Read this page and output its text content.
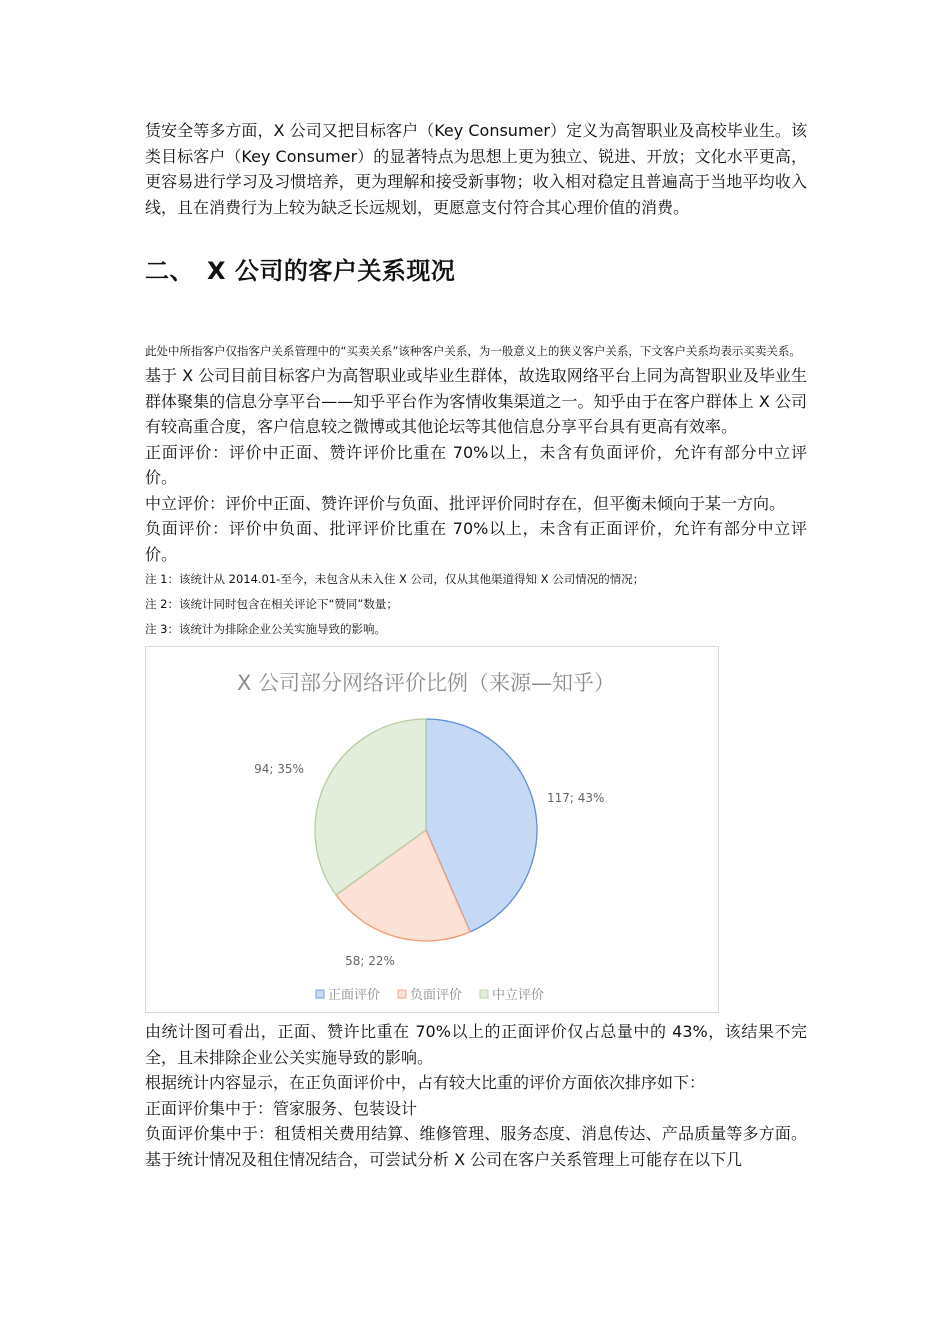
赁安全等多方面，X 公司又把目标客户（Key Consumer）定义为高智职业及高校毕业生。该类目标客户（Key Consumer）的显著特点为思想上更为独立、锐进、开放；文化水平更高，更容易进行学习及习惯培养，更为理解和接受新事物；收入相对稳定且普遍高于当地平均收入线，且在消费行为上较为缺乏长远规划，更愿意支付符合其心理价值的消费。

二、 X 公司的客户关系现况

此处中所指客户仅指客户关系管理中的“买卖关系”该种客户关系，为一般意义上的狭义客户关系，下文客户关系均表示买卖关系。

基于 X 公司目前目标客户为高智职业或毕业生群体，故选取网络平台上同为高智职业及毕业生群体聚集的信息分享平台——知乎平台作为客情收集渠道之一。知乎由于在客户群体上 X 公司有较高重合度，客户信息较之微博或其他论坛等其他信息分享平台具有更高有效率。

正面评价：评价中正面、赞许评价比重在 70%以上，未含有负面评价，允许有部分中立评价。

中立评价：评价中正面、赞许评价与负面、批评评价同时存在，但平衡未倾向于某一方向。

负面评价：评价中负面、批评评价比重在 70%以上，未含有正面评价，允许有部分中立评价。

注 1：该统计从 2014.01-至今，未包含从未入住 X 公司，仅从其他渠道得知 X 公司情况的情况；

注 2：该统计同时包含在相关评论下“赞同”数量；

注 3：该统计为排除企业公关实施导致的影响。

X 公司部分网络评价比例（来源—知乎）
117; 43%
58; 22%
94; 35%
正面评价 负面评价 中立评价

由统计图可看出，正面、赞许比重在 70%以上的正面评价仅占总量中的 43%，该结果不完全，且未排除企业公关实施导致的影响。

根据统计内容显示，在正负面评价中，占有较大比重的评价方面依次排序如下：

正面评价集中于：管家服务、包装设计

负面评价集中于：租赁相关费用结算、维修管理、服务态度、消息传达、产品质量等多方面。基于统计情况及租住情况结合，可尝试分析 X 公司在客户关系管理上可能存在以下几
